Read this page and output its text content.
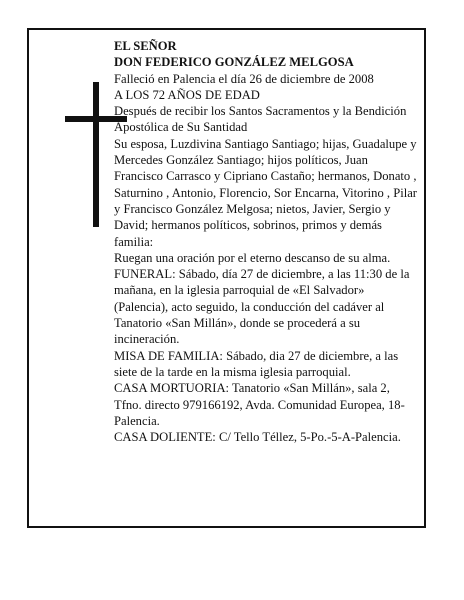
EL SEÑOR

DON FEDERICO GONZÁLEZ MELGOSA

Falleció en Palencia el día 26 de diciembre de 2008

A LOS 72 AÑOS DE EDAD

Después de recibir los Santos Sacramentos y la Bendición Apostólica de Su Santidad

Su esposa, Luzdivina Santiago Santiago; hijas, Guadalupe y Mercedes González Santiago; hijos políticos, Juan Francisco Carrasco y Cipriano Castaño; hermanos, Donato , Saturnino , Antonio, Florencio, Sor Encarna, Vitorino , Pilar y Francisco González Melgosa; nietos, Javier, Sergio y David; hermanos políticos, sobrinos, primos y demás familia:

Ruegan una oración por el eterno descanso de su alma.

FUNERAL: Sábado, día 27 de diciembre, a las 11:30 de la mañana, en la iglesia parroquial de «El Salvador» (Palencia), acto seguido, la conducción del cadáver al Tanatorio «San Millán», donde se procederá a su incineración.

MISA DE FAMILIA: Sábado, dia 27 de diciembre, a las siete de la tarde en la misma iglesia parroquial.

CASA MORTUORIA: Tanatorio «San Millán», sala 2, Tfno. directo 979166192, Avda. Comunidad Europea, 18-Palencia.

CASA DOLIENTE: C/ Tello Téllez, 5-Po.-5-A-Palencia.
